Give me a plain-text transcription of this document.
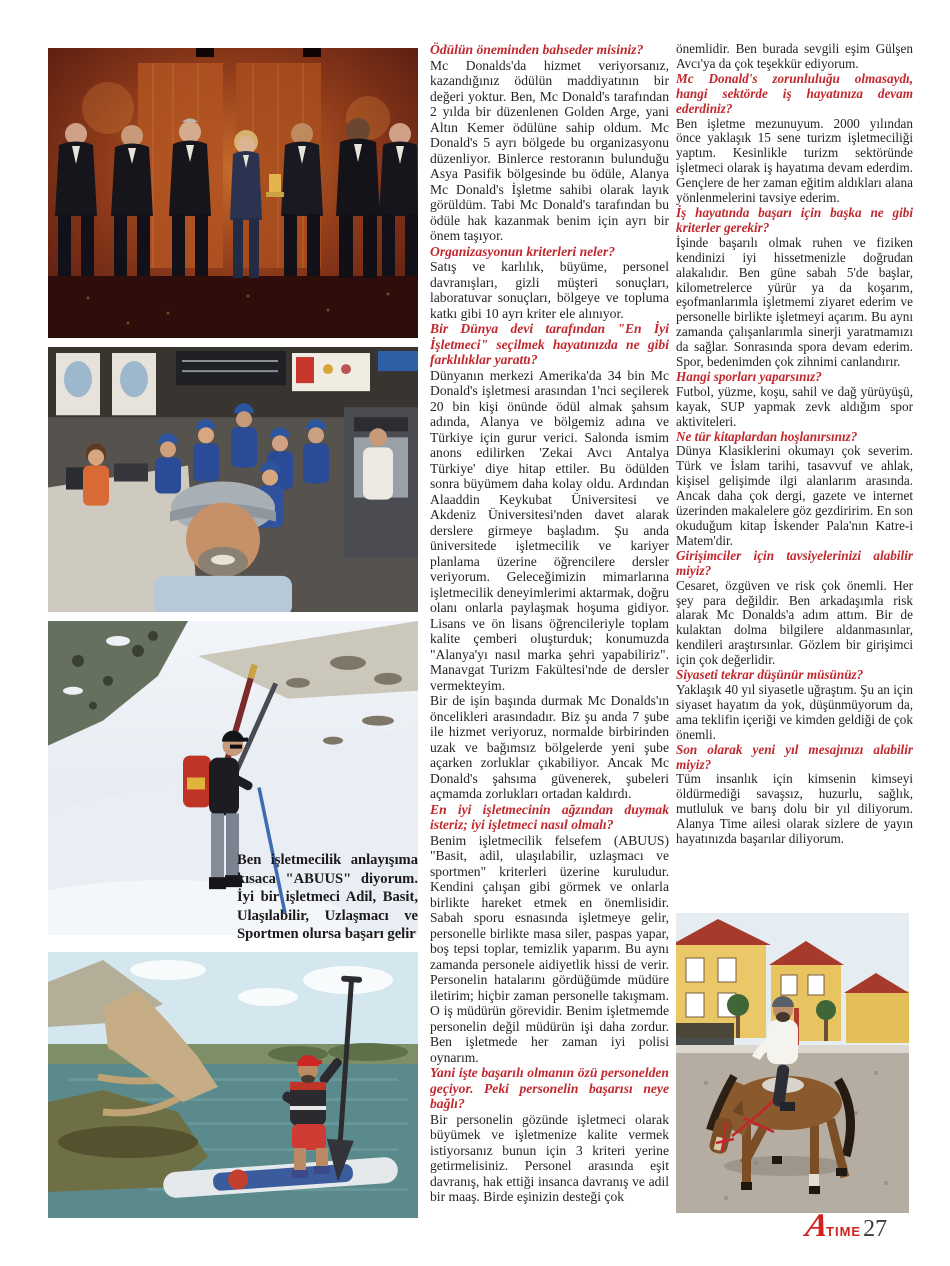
Ben işletmecilik anlayışıma kısaca "ABUUS" diyorum. İyi bir işletmeci Adil, Basit, Ulaşılabilir, Uzlaşmacı ve Sportmen olursa başarı gelir

Ödülün öneminden bahseder misiniz?

Mc Donalds'da hizmet veriyorsanız, kazandığınız ödülün maddiyatının bir değeri yoktur. Ben, Mc Donald's tarafından 2 yılda bir düzenlenen Golden Arge, yani Altın Kemer ödülüne sahip oldum. Mc Donald's 5 ayrı bölgede bu organizasyonu düzenliyor. Binlerce restoranın bulunduğu Asya Pasifik bölgesinde bu ödüle, Alanya Mc Donald's İşletme sahibi olarak layık görüldüm. Tabi Mc Donald's tarafından bu ödüle hak kazanmak benim için ayrı bir önem taşıyor.

Organizasyonun kriterleri neler?

Satış ve karlılık, büyüme, personel davranışları, gizli müşteri sonuçları, laboratuvar sonuçları, bölgeye ve topluma katkı gibi 10 ayrı kriter ele alınıyor.

Bir Dünya devi tarafından "En İyi İşletmeci" seçilmek hayatınızda ne gibi farklılıklar yarattı?

Dünyanın merkezi Amerika'da 34 bin Mc Donald's işletmesi arasından 1'nci seçilerek 20 bin kişi önünde ödül almak şahsım adında, Alanya ve bölgemiz adına ve Türkiye için gurur verici. Salonda ismim anons edilirken 'Zekai Avcı Antalya Türkiye' diye hitap ettiler. Bu ödülden sonra büyümem daha kolay oldu. Ardından Alaaddin Keykubat Üniversitesi ve Akdeniz Üniversitesi'nden davet alarak derslere girmeye başladım. Şu anda üniversitede işletmecilik ve kariyer planlama üzerine öğrencilere dersler veriyorum. Geleceğimizin mimarlarına işletmecilik deneyimlerimi aktarmak, doğru olanı onlarla paylaşmak hoşuma gidiyor. Lisans ve ön lisans öğrencileriyle toplam kalite çemberi oluşturduk; konumuzda "Alanya'yı nasıl marka şehri yapabiliriz". Manavgat Turizm Fakültesi'nde de dersler vermekteyim.

Bir de işin başında durmak Mc Donalds'ın öncelikleri arasındadır. Biz şu anda 7 şube ile hizmet veriyoruz, normalde birbirinden uzak ve bağımsız bölgelerde yeni şube açarken zorluklar çıkabiliyor. Ancak Mc Donald's şahsıma güvenerek, şubeleri açmamda zorlukları ortadan kaldırdı.

En iyi işletmecinin ağzından duymak isteriz; iyi işletmeci nasıl olmalı?

Benim işletmecilik felsefem (ABUUS) "Basit, adil, ulaşılabilir, uzlaşmacı ve sportmen" kriterleri üzerine kuruludur. Kendini çalışan gibi görmek ve onlarla birlikte hareket etmek en önemlisidir. Sabah sporu esnasında işletmeye gelir, personelle birlikte masa siler, paspas yapar, boş tepsi toplar, temizlik yaparım. Bu aynı zamanda personele aidiyetlik hissi de verir. Personelin hatalarını gördüğümde müdüre iletirim; hiçbir zaman personelle takışmam. O iş müdürün görevidir. Benim işletmemde personelin değil müdürün işi daha zordur. Ben işletmede her zaman iyi polisi oynarım.

Yani işte başarılı olmanın özü personelden geçiyor. Peki personelin başarısı neye bağlı?

Bir personelin gözünde işletmeci olarak büyümek ve işletmenize kalite vermek istiyorsanız bunun için 3 kriteri yerine getirmelisiniz. Personel arasında eşit davranış, hak ettiği insanca davranış ve adil bir maaş. Birde eşinizin desteği çok

önemlidir. Ben burada sevgili eşim Gülşen Avcı'ya da çok teşekkür ediyorum.

Mc Donald's zorunluluğu olmasaydı, hangi sektörde iş hayatınıza devam ederdiniz?

Ben işletme mezunuyum. 2000 yılından önce yaklaşık 15 sene turizm işletmeciliği yaptım. Kesinlikle turizm sektöründe işletmeci olarak iş hayatıma devam ederdim. Gençlere de her zaman eğitim aldıkları alana yönlenmelerini tavsiye ederim.

İş hayatında başarı için başka ne gibi kriterler gerekir?

İşinde başarılı olmak ruhen ve fiziken kendinizi iyi hissetmenizle doğrudan alakalıdır. Ben güne sabah 5'de başlar, kilometrelerce yürür ya da koşarım, eşofmanlarımla işletmemi ziyaret ederim ve personelle birlikte işletmeyi açarım. Bu aynı zamanda çalışanlarımla sinerji yaratmamızı da sağlar. Sonrasında spora devam ederim. Spor, bedenimden çok zihnimi canlandırır.

Hangi sporları yaparsınız?

Futbol, yüzme, koşu, sahil ve dağ yürüyüşü, kayak, SUP yapmak zevk aldığım spor aktiviteleri.

Ne tür kitaplardan hoşlanırsınız?

Dünya Klasiklerini okumayı çok severim. Türk ve İslam tarihi, tasavvuf ve ahlak, kişisel gelişimde ilgi alanlarım arasında. Ancak daha çok dergi, gazete ve internet üzerinden makalelere göz gezdiririm. En son okuduğum kitap İskender Pala'nın Katre-i Matem'dir.

Girişimciler için tavsiyelerinizi alabilir miyiz?

Cesaret, özgüven ve risk çok önemli. Her şey para değildir. Ben arkadaşımla risk alarak Mc Donalds'a adım attım. Bir de kulaktan dolma bilgilere aldanmasınlar, kendileri araştırsınlar. Gözlem bir girişimci için çok değerlidir.

Siyaseti tekrar düşünür müsünüz?

Yaklaşık 40 yıl siyasetle uğraştım. Şu an için siyaset hayatım da yok, düşünmüyorum da, ama teklifin içeriği ve kimden geldiği de çok önemli.

Son olarak yeni yıl mesajınızı alabilir miyiz?

Tüm insanlık için kimsenin kimseyi öldürmediği savaşsız, huzurlu, sağlık, mutluluk ve barış dolu bir yıl diliyorum. Alanya Time ailesi olarak sizlere de yayın hayatınızda başarılar diliyorum.

A
TIME 27
